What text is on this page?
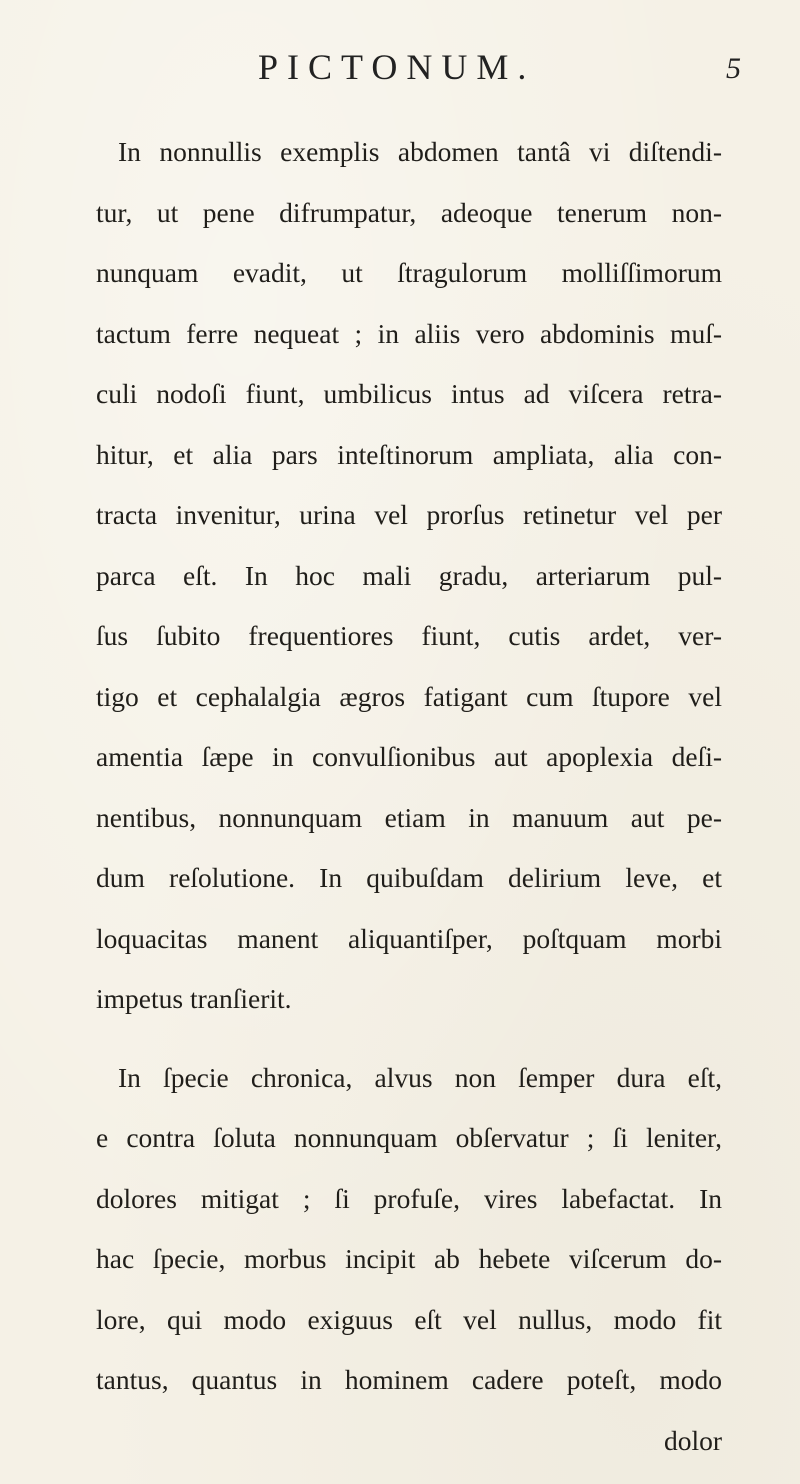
PICTONUM.	5
In nonnullis exemplis abdomen tantâ vi diſtendi-
tur, ut pene difrumpatur, adeoque tenerum non-
nunquam evadit, ut ſtragulorum molliſſimorum
tactum ferre nequeat ; in aliis vero abdominis muſ-
culi nodoſi fiunt, umbilicus intus ad viſcera retra-
hitur, et alia pars inteſtinorum ampliata, alia con-
tracta invenitur, urina vel prorſus retinetur vel per
parca eſt. In hoc mali gradu, arteriarum pul-
ſus ſubito frequentiores fiunt, cutis ardet, ver-
tigo et cephalalgia ægros fatigant cum ſtupore vel
amentia ſæpe in convulſionibus aut apoplexia deſi-
nentibus, nonnunquam etiam in manuum aut pe-
dum reſolutione. In quibuſdam delirium leve, et
loquacitas manent aliquantiſper, poſtquam morbi
impetus tranſierit.
In ſpecie chronica, alvus non ſemper dura eſt,
e contra ſoluta nonnunquam obſervatur ; ſi leniter,
dolores mitigat ; ſi profuſe, vires labefactat. In
hac ſpecie, morbus incipit ab hebete viſcerum do-
lore, qui modo exiguus eſt vel nullus, modo fit
tantus, quantus in hominem cadere poteſt, modo
dolor
